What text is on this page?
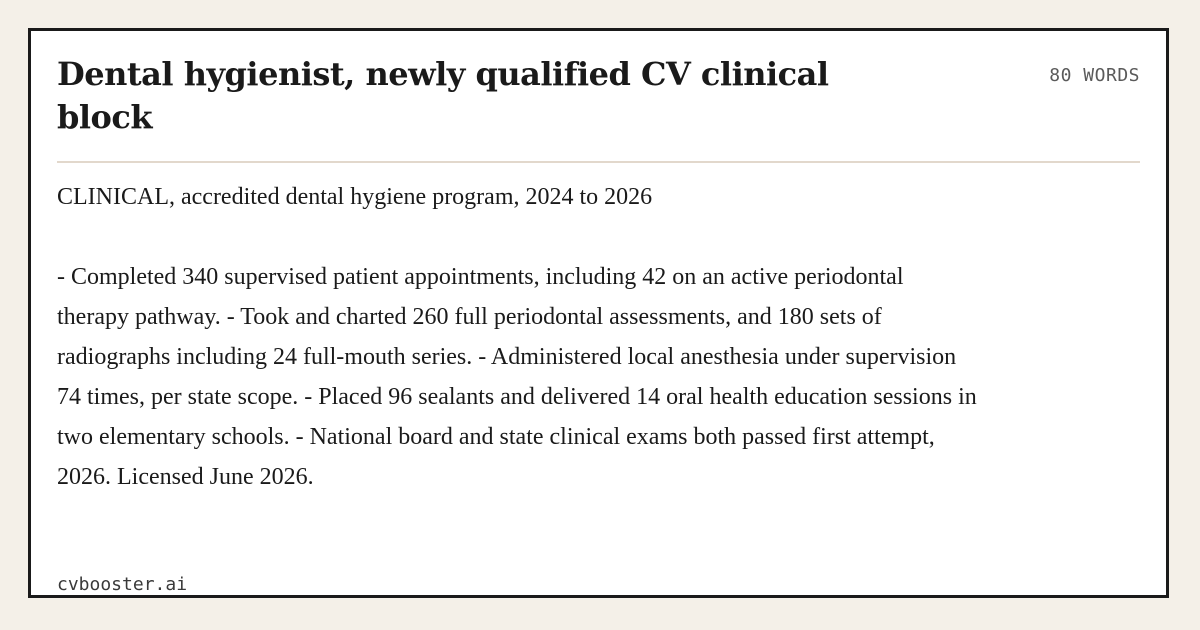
Dental hygienist, newly qualified CV clinical block
80 WORDS

CLINICAL, accredited dental hygiene program, 2024 to 2026

- Completed 340 supervised patient appointments, including 42 on an active periodontal therapy pathway. - Took and charted 260 full periodontal assessments, and 180 sets of radiographs including 24 full-mouth series. - Administered local anesthesia under supervision 74 times, per state scope. - Placed 96 sealants and delivered 14 oral health education sessions in two elementary schools. - National board and state clinical exams both passed first attempt, 2026. Licensed June 2026.

cvbooster.ai
